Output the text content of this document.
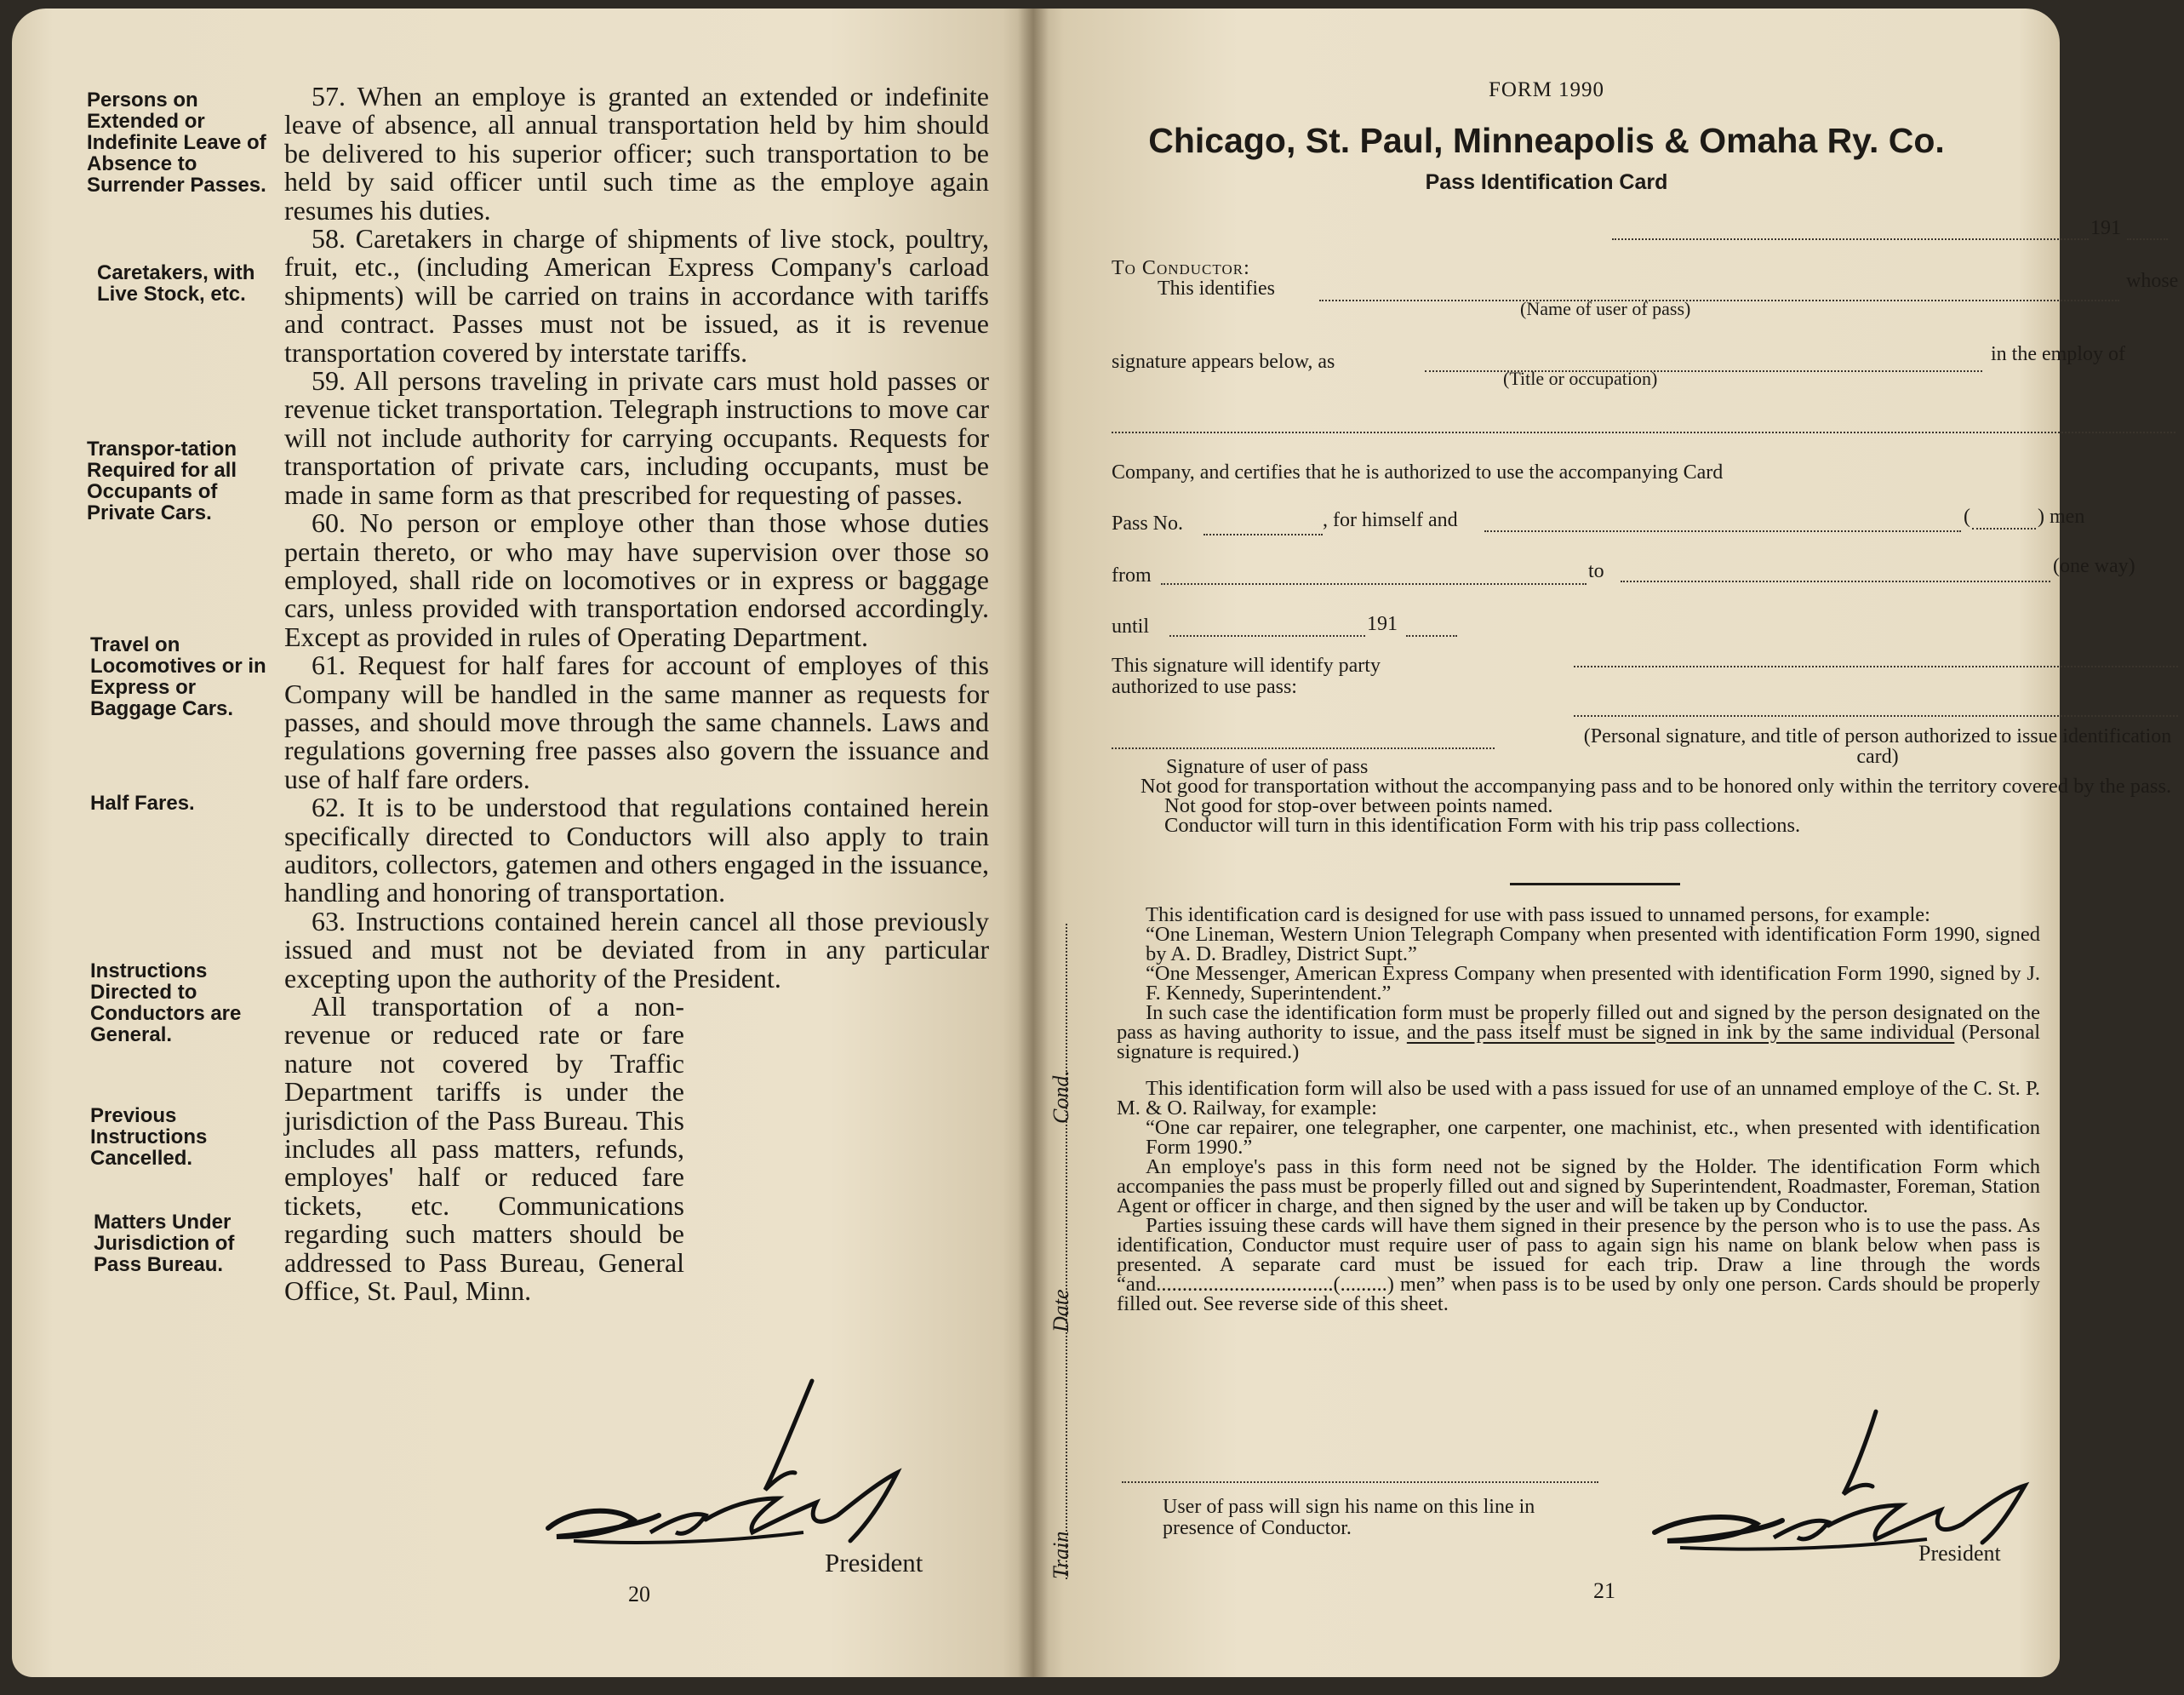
Persons on Extended or Indefinite Leave of Absence to Surrender Passes.
Caretakers, with Live Stock, etc.
Transpor-tation Required for all Occupants of Private Cars.
Travel on Locomotives or in Express or Baggage Cars.
Half Fares.
Instructions Directed to Conductors are General.
Previous Instructions Cancelled.
Matters Under Jurisdiction of Pass Bureau.

57. When an employe is granted an extended or indefinite leave of absence, all annual transportation held by him should be delivered to his superior officer; such transportation to be held by said officer until such time as the employe again resumes his duties.

58. Caretakers in charge of shipments of live stock, poultry, fruit, etc., (including American Express Company's carload shipments) will be carried on trains in accordance with tariffs and contract. Passes must not be issued, as it is revenue transportation covered by interstate tariffs.

59. All persons traveling in private cars must hold passes or revenue ticket transportation. Telegraph instructions to move car will not include authority for carrying occupants. Requests for transportation of private cars, including occupants, must be made in same form as that prescribed for requesting of passes.

60. No person or employe other than those whose duties pertain thereto, or who may have supervision over those so employed, shall ride on locomotives or in express or baggage cars, unless provided with transportation endorsed accordingly. Except as provided in rules of Operating Department.

61. Request for half fares for account of employes of this Company will be handled in the same manner as requests for passes, and should move through the same channels. Laws and regulations governing free passes also govern the issuance and use of half fare orders.

62. It is to be understood that regulations contained herein specifically directed to Conductors will also apply to train auditors, collectors, gatemen and others engaged in the issuance, handling and honoring of transportation.

63. Instructions contained herein cancel all those previously issued and must not be deviated from in any particular excepting upon the authority of the President.

All transportation of a non-revenue or reduced rate or fare nature not covered by Traffic Department tariffs is under the jurisdiction of the Pass Bureau. This includes all pass matters, refunds, employes' half or reduced fare tickets, etc. Communications regarding such matters should be addressed to Pass Bureau, General Office, St. Paul, Minn.

President
20
FORM 1990
Chicago, St. Paul, Minneapolis & Omaha Ry. Co.
Pass Identification Card
191
To Conductor:
This identifies	whose
(Name of user of pass)
signature appears below, as	in the employ of
(Title or occupation)
Company, and certifies that he is authorized to use the accompanying Card
Pass No.	, for himself and	(	) men
from	to	(one way)
until	191
This signature will identify party authorized to use pass:
Signature of user of pass
(Personal signature, and title of person authorized to issue identification card)

Not good for transportation without the accompanying pass and to be honored only within the territory covered by the pass.

Not good for stop-over between points named.

Conductor will turn in this identification Form with his trip pass collections.

Train
Date
Cond.

This identification card is designed for use with pass issued to unnamed persons, for example:

“One Lineman, Western Union Telegraph Company when presented with identification Form 1990, signed by A. D. Bradley, District Supt.”

“One Messenger, American Express Company when presented with identification Form 1990, signed by J. F. Kennedy, Superintendent.”

In such case the identification form must be properly filled out and signed by the person designated on the pass as having authority to issue, and the pass itself must be signed in ink by the same individual (Personal signature is required.)

This identification form will also be used with a pass issued for use of an unnamed employe of the C. St. P. M. & O. Railway, for example:

“One car repairer, one telegrapher, one carpenter, one machinist, etc., when presented with identification Form 1990.”

An employe's pass in this form need not be signed by the Holder. The identification Form which accompanies the pass must be properly filled out and signed by Superintendent, Roadmaster, Foreman, Station Agent or officer in charge, and then signed by the user and will be taken up by Conductor.

Parties issuing these cards will have them signed in their presence by the person who is to use the pass. As identification, Conductor must require user of pass to again sign his name on blank below when pass is presented. A separate card must be issued for each trip. Draw a line through the words “and..................................(.........) men” when pass is to be used by only one person. Cards should be properly filled out. See reverse side of this sheet.

User of pass will sign his name on this line in presence of Conductor.
President
21
